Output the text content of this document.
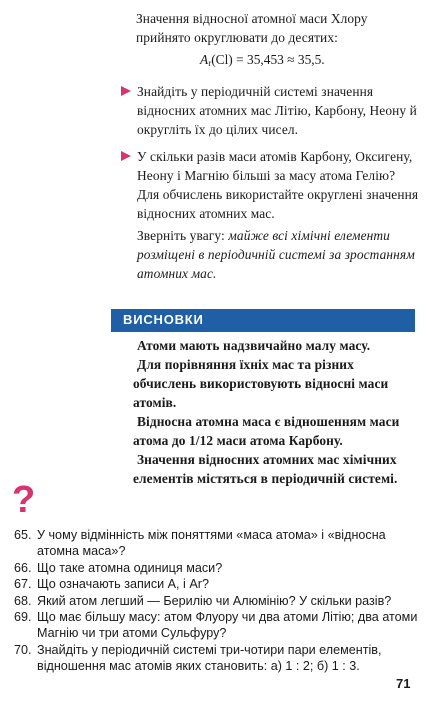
Значення відносної атомної маси Хлору прийнято округлювати до десятих:
$A_r(Cl) = 35,453 \approx 35,5$.
Знайдіть у періодичній системі значення відносних атомних мас Літію, Карбону, Неону й округліть їх до цілих чисел.
У скільки разів маси атомів Карбону, Оксигену, Неону і Магнію більші за масу атома Гелію? Для обчислень використайте округлені значення відносних атомних мас.
Зверніть увагу: майже всі хімічні елементи розміщені в періодичній системі за зростанням атомних мас.
ВИСНОВКИ

Атоми мають надзвичайно малу масу.

Для порівняння їхніх мас та різних обчислень використовують відносні маси атомів.

Відносна атомна маса є відношенням маси атома до 1/12 маси атома Карбону.

Значення відносних атомних мас хімічних елементів містяться в періодичній системі.

?
65. У чому відмінність між поняттями «маса атома» і «відносна атомна маса»?
66. Що таке атомна одиниця маси?
67. Що означають записи A, і Ar?
68. Який атом легший — Берилію чи Алюмінію? У скільки разів?
69. Що має більшу масу: атом Флуору чи два атоми Літію; два атоми Магнію чи три атоми Сульфуру?
70. Знайдіть у періодичній системі три-чотири пари елементів, відношення мас атомів яких становить: а) 1 : 2; б) 1 : 3.
71
